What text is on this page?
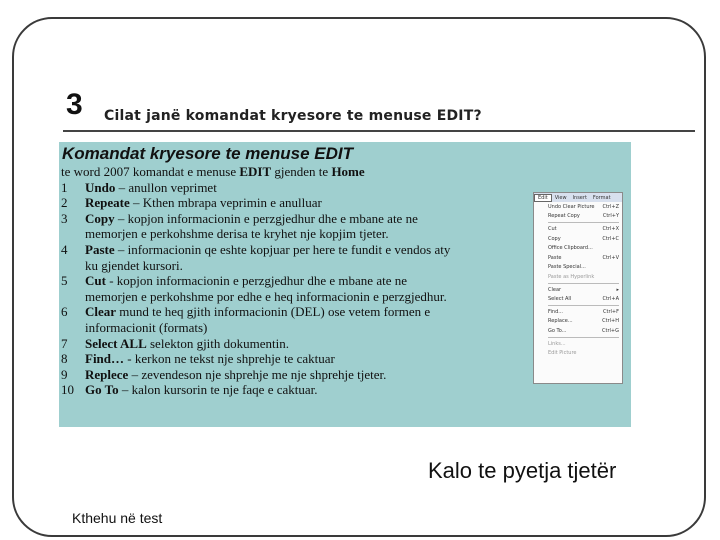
3 Cilat janë komandat kryesore te menuse EDIT?
Komandat kryesore te menuse EDIT
te word 2007 komandat e menuse EDIT gjenden te Home
1	Undo – anullon veprimet
2	Repeate – Kthen mbrapa veprimin e anulluar
3	Copy – kopjon informacionin e perzgjedhur dhe e mbane ate ne
memorjen e perkohshme derisa te kryhet nje kopjim tjeter.
4	Paste – informacionin qe eshte kopjuar per here te fundit e vendos aty
ku gjendet kursori.
5	Cut - kopjon informacionin e perzgjedhur dhe e mbane ate ne
memorjen e perkohshme por edhe e heq informacionin e perzgjedhur.
6	Clear mund te heq gjith informacionin (DEL) ose vetem formen e
informacionit (formats)
7	Select ALL selekton gjith dokumentin.
8	Find… - kerkon ne tekst nje shprehje te caktuar
9	Replece – zevendeson nje shprehje me nje shprehje tjeter.
10 Go To – kalon kursorin te nje faqe e caktuar.
Edit	View	Insert	Format
Undo Clear Picture Ctrl+Z
Repeat Copy	Ctrl+Y
Cut	Ctrl+X
Copy	Ctrl+C
Office Clipboard...
Paste	Ctrl+V
Paste Special...
Paste as Hyperlink
Clear	▸
Select All	Ctrl+A
Find...	Ctrl+F
Replace...	Ctrl+H
Go To...	Ctrl+G
Links...
Edit Picture
Kalo te pyetja tjetër
Kthehu në test
